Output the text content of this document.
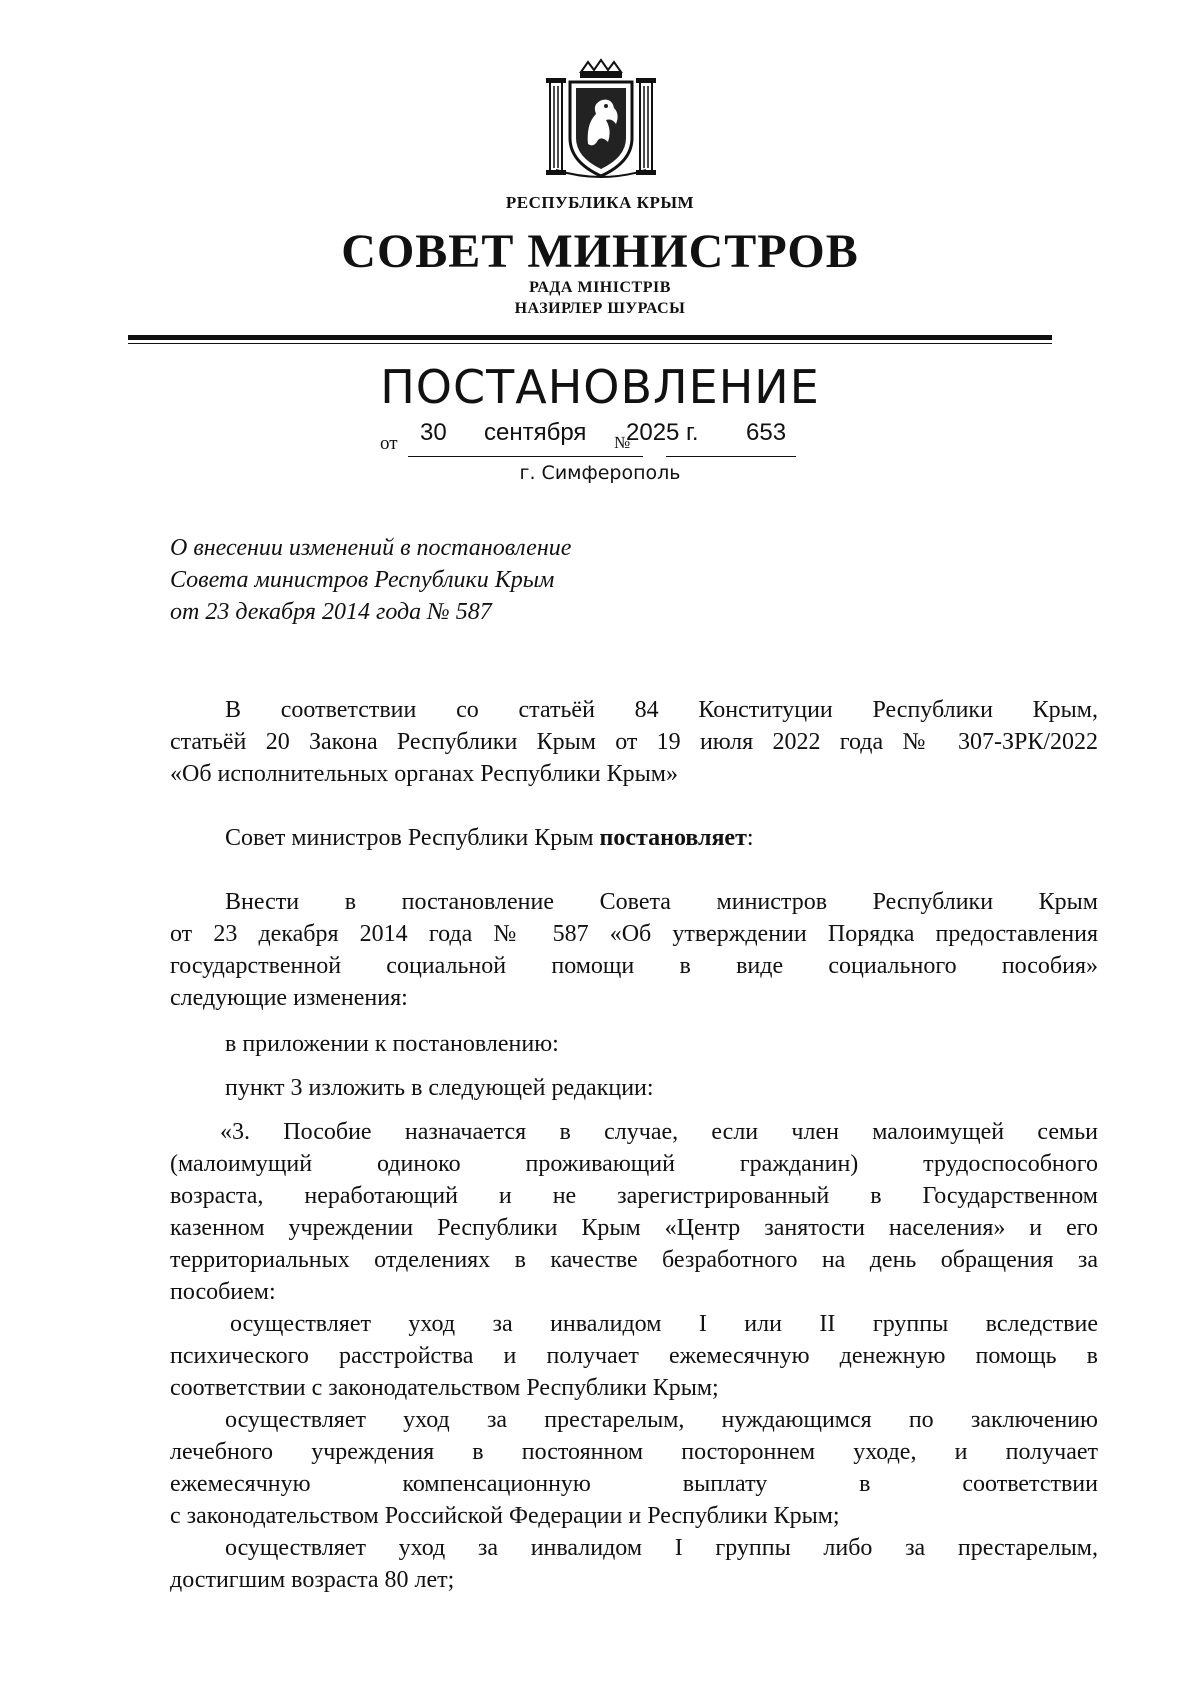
РЕСПУБЛИКА КРЫМ
СОВЕТ МИНИСТРОВ
РАДА МІНІСТРІВ
НАЗИРЛЕР ШУРАСЫ
ПОСТАНОВЛЕНИЕ
от 30 сентября №
2025 г. 653
г. Симферополь
О внесении изменений в постановление
Совета министров Республики Крым
от 23 декабря 2014 года № 587
В соответствии со статьёй 84 Конституции Республики Крым,
статьёй 20 Закона Республики Крым от 19 июля 2022 года № 307-ЗРК/2022
«Об исполнительных органах Республики Крым»
Совет министров Республики Крым постановляет:
Внести в постановление Совета министров Республики Крым
от 23 декабря 2014 года № 587 «Об утверждении Порядка предоставления
государственной социальной помощи в виде социального пособия»
следующие изменения:
в приложении к постановлению:
пункт 3 изложить в следующей редакции:
«3. Пособие назначается в случае, если член малоимущей семьи
(малоимущий одиноко проживающий гражданин) трудоспособного
возраста, неработающий и не зарегистрированный в Государственном
казенном учреждении Республики Крым «Центр занятости населения» и его
территориальных отделениях в качестве безработного на день обращения за
пособием:
осуществляет уход за инвалидом I или II группы вследствие
психического расстройства и получает ежемесячную денежную помощь в
соответствии с законодательством Республики Крым;
осуществляет уход за престарелым, нуждающимся по заключению
лечебного учреждения в постоянном постороннем уходе, и получает
ежемесячную компенсационную выплату в соответствии
с законодательством Российской Федерации и Республики Крым;
осуществляет уход за инвалидом I группы либо за престарелым,
достигшим возраста 80 лет;
